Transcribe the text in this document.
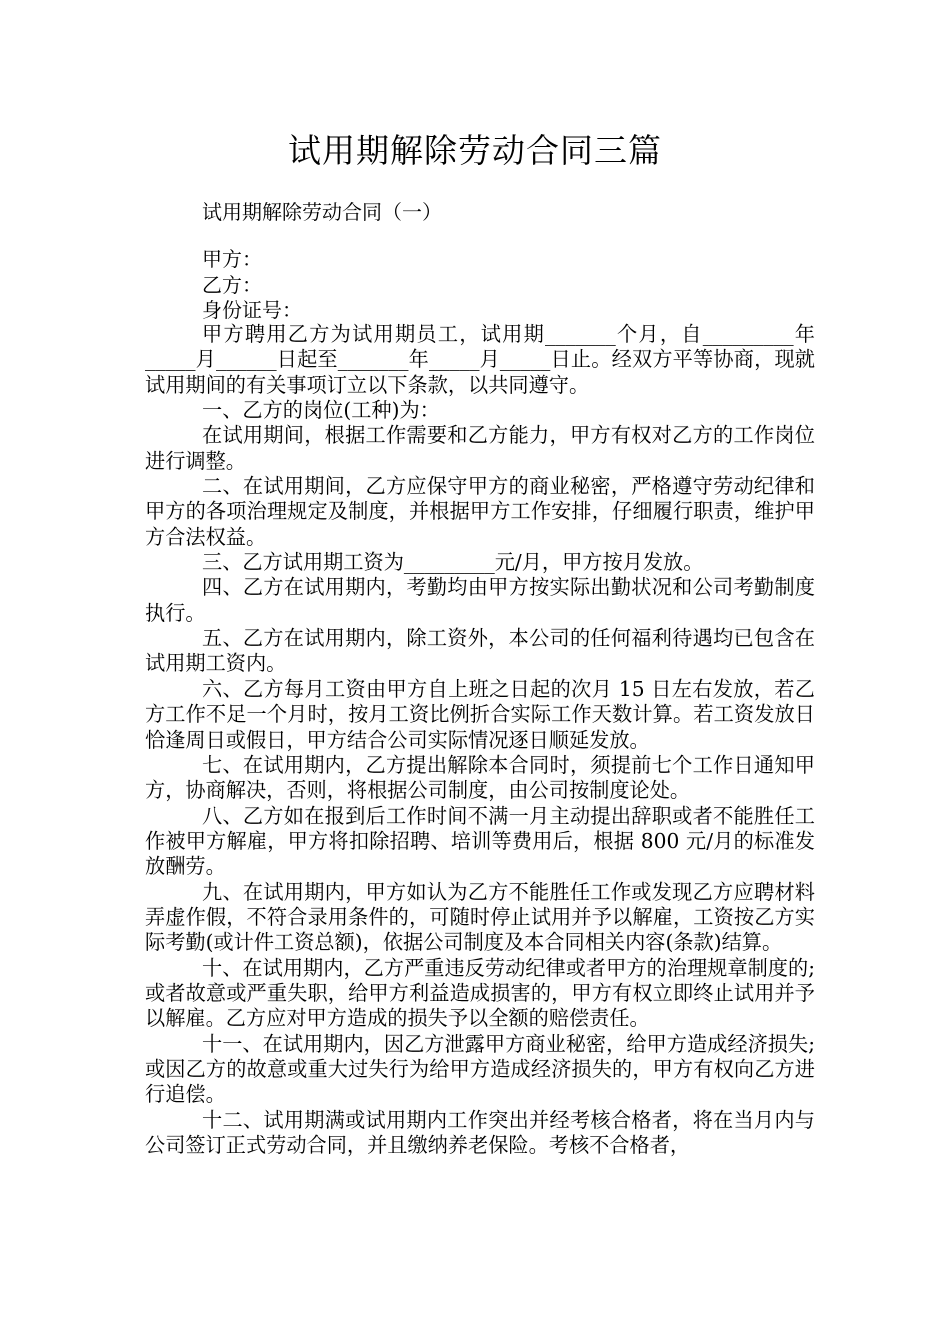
试用期解除劳动合同三篇

试用期解除劳动合同（一）

甲方：
乙方：
身份证号：

甲方聘用乙方为试用期员工，试用期_______个月，自_________年_____月______日起至_______年_____月_____日止。经双方平等协商，现就试用期间的有关事项订立以下条款，以共同遵守。

一、乙方的岗位(工种)为：

在试用期间，根据工作需要和乙方能力，甲方有权对乙方的工作岗位进行调整。

二、在试用期间，乙方应保守甲方的商业秘密，严格遵守劳动纪律和甲方的各项治理规定及制度，并根据甲方工作安排，仔细履行职责，维护甲方合法权益。

三、乙方试用期工资为_________元/月，甲方按月发放。

四、乙方在试用期内，考勤均由甲方按实际出勤状况和公司考勤制度执行。

五、乙方在试用期内，除工资外，本公司的任何福利待遇均已包含在试用期工资内。

六、乙方每月工资由甲方自上班之日起的次月 15 日左右发放，若乙方工作不足一个月时，按月工资比例折合实际工作天数计算。若工资发放日恰逢周日或假日，甲方结合公司实际情况逐日顺延发放。

七、在试用期内，乙方提出解除本合同时，须提前七个工作日通知甲方，协商解决，否则，将根据公司制度，由公司按制度论处。

八、乙方如在报到后工作时间不满一月主动提出辞职或者不能胜任工作被甲方解雇，甲方将扣除招聘、培训等费用后，根据 800 元/月的标准发放酬劳。

九、在试用期内，甲方如认为乙方不能胜任工作或发现乙方应聘材料弄虚作假，不符合录用条件的，可随时停止试用并予以解雇，工资按乙方实际考勤(或计件工资总额)，依据公司制度及本合同相关内容(条款)结算。

十、在试用期内，乙方严重违反劳动纪律或者甲方的治理规章制度的;或者故意或严重失职，给甲方利益造成损害的，甲方有权立即终止试用并予以解雇。乙方应对甲方造成的损失予以全额的赔偿责任。

十一、在试用期内，因乙方泄露甲方商业秘密，给甲方造成经济损失;或因乙方的故意或重大过失行为给甲方造成经济损失的，甲方有权向乙方进行追偿。

十二、试用期满或试用期内工作突出并经考核合格者，将在当月内与公司签订正式劳动合同，并且缴纳养老保险。考核不合格者，
